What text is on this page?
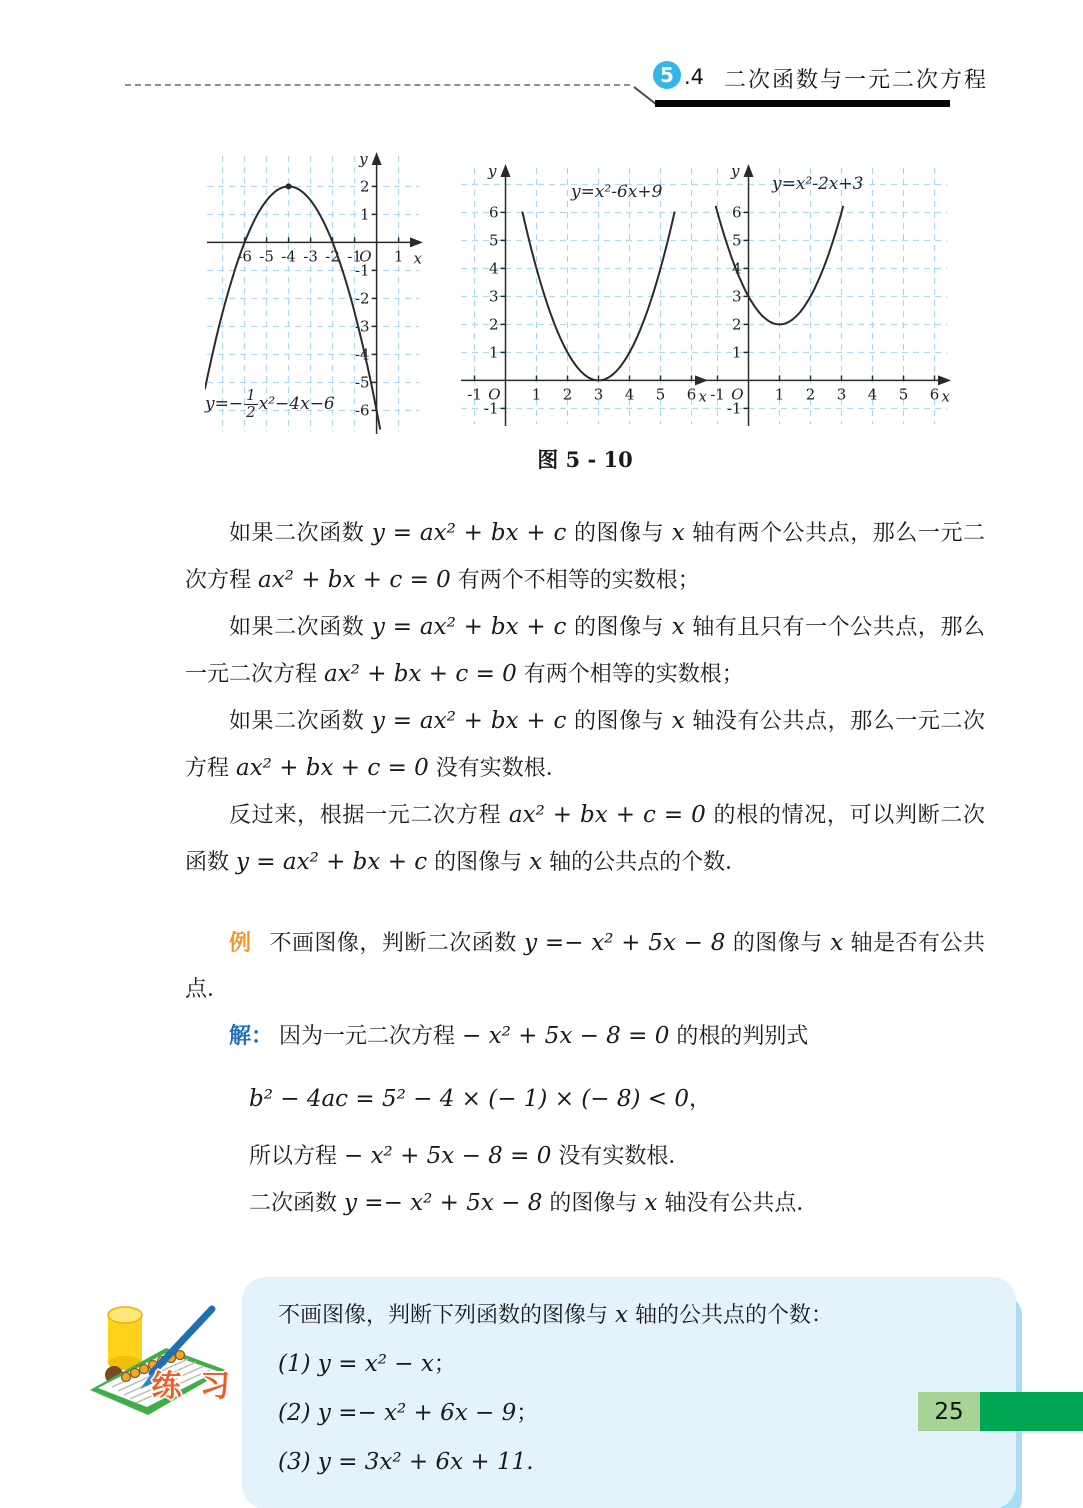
5 .4 二次函数与一元二次方程
-6 -5 -4 -3 -2 -1 1
2
1
-1
-2
-3
-4
-5
-6
O	x
y
$y=- \frac{1}{2} x^2-4x-6$	-1	1 2 3 4 5 6
1
2
3
4
5
6
-1
O	x
y
y=x²-6x+9
-1	1 2 3 4 5 6
1
2
3
4
5
6
-1
O	x
y
y=x²-2x+3
图 5 - 10

如果二次函数 y = ax² + bx + c 的图像与 x 轴有两个公共点，那么一元二次方程 ax² + bx + c = 0 有两个不相等的实数根；

如果二次函数 y = ax² + bx + c 的图像与 x 轴有且只有一个公共点，那么一元二次方程 ax² + bx + c = 0 有两个相等的实数根；

如果二次函数 y = ax² + bx + c 的图像与 x 轴没有公共点，那么一元二次方程 ax² + bx + c = 0 没有实数根．

反过来，根据一元二次方程 ax² + bx + c = 0 的根的情况，可以判断二次函数 y = ax² + bx + c 的图像与 x 轴的公共点的个数．

例 不画图像，判断二次函数 y =− x² + 5x − 8 的图像与 x 轴是否有公共点．

解： 因为一元二次方程 − x² + 5x − 8 = 0 的根的判别式

b² − 4ac = 5² − 4 × (− 1) × (− 8) < 0，
所以方程 − x² + 5x − 8 = 0 没有实数根．
二次函数 y =− x² + 5x − 8 的图像与 x 轴没有公共点．
练 习
不画图像，判断下列函数的图像与 x 轴的公共点的个数：
(1) y = x² − x；
(2) y =− x² + 6x − 9；
(3) y = 3x² + 6x + 11.
25
